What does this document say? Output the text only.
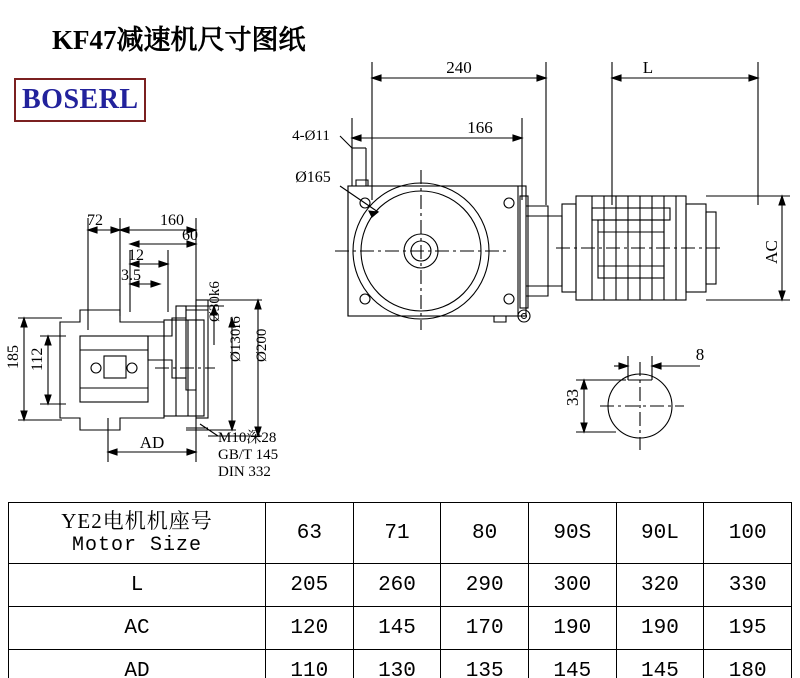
KF47减速机尺寸图纸
BOSERL
240	L
166
4-Ø11
Ø165
AC
160
72
60
12
3.5
Ø30k6
Ø130f6 Ø200
185 112
AD	M10深28
GB/T 145
DIN 332
8
33
YE2电机机座号
Motor Size	63	71	80	90S	90L	100
L	205	260	290	300	320	330
AC	120	145	170	190	190	195
AD	110	130	135	145	145	180
